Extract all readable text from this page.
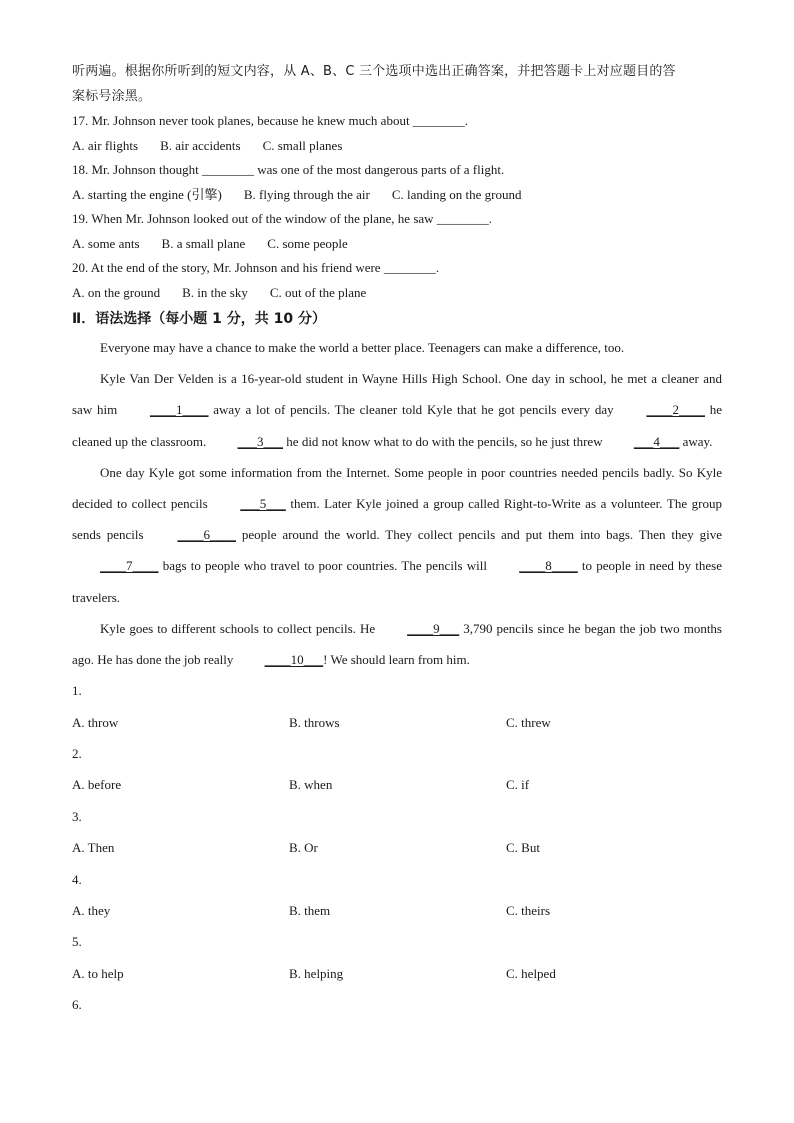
听两遍。根据你所听到的短文内容，从 A、B、C 三个选项中选出正确答案，并把答题卡上对应题目的答
案标号涂黑。
17. Mr. Johnson never took planes, because he knew much about ________.
A. air flights B. air accidents C. small planes
18. Mr. Johnson thought ________ was one of the most dangerous parts of a flight.
A. starting the engine (引擎) B. flying through the air C. landing on the ground
19. When Mr. Johnson looked out of the window of the plane, he saw ________.
A. some ants B. a small plane C. some people
20. At the end of the story, Mr. Johnson and his friend were ________.
A. on the ground B. in the sky C. out of the plane
Ⅱ．语法选择（每小题 1 分，共 10 分）
Everyone may have a chance to make the world a better place. Teenagers can make a difference, too.
Kyle Van Der Velden is a 16-year-old student in Wayne Hills High School. One day in school, he met a cleaner and saw him ____1____ away a lot of pencils. The cleaner told Kyle that he got pencils every day ____2____ he cleaned up the classroom. ___3___ he did not know what to do with the pencils, so he just threw ___4___ away.
One day Kyle got some information from the Internet. Some people in poor countries needed pencils badly. So Kyle decided to collect pencils ___5___ them. Later Kyle joined a group called Right-to-Write as a volunteer. The group sends pencils ____6____ people around the world. They collect pencils and put them into bags. Then they give ____7____ bags to people who travel to poor countries. The pencils will ____8____ to people in need by these travelers.
Kyle goes to different schools to collect pencils. He ____9___ 3,790 pencils since he began the job two months ago. He has done the job really ____10___! We should learn from him.
1.
A. throw	B. throws	C. threw
2.
A. before	B. when	C. if
3.
A. Then	B. Or	C. But
4.
A. they	B. them	C. theirs
5.
A. to help	B. helping	C. helped
6.
